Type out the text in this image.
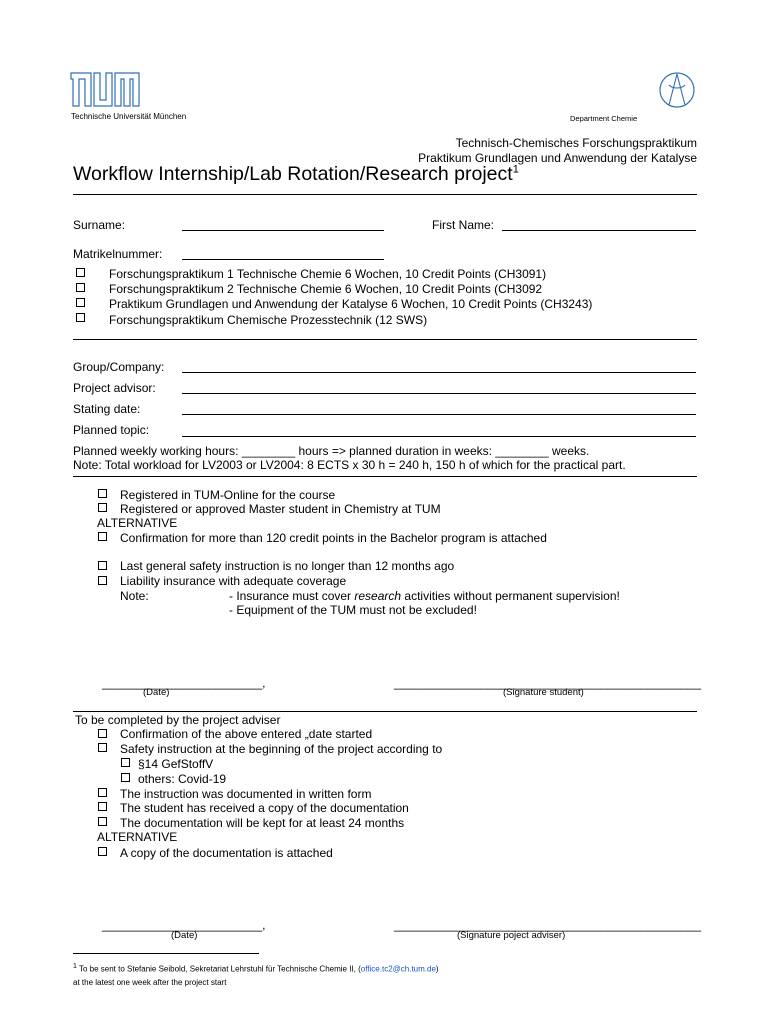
Technische Universität München	Department Chemie
Technisch-Chemisches Forschungspraktikum
Praktikum Grundlagen und Anwendung der Katalyse
Workflow Internship/Lab Rotation/Research project$^1$
Surname:	First Name:
Matrikelnummer:
Forschungspraktikum 1 Technische Chemie 6 Wochen, 10 Credit Points (CH3091)
Forschungspraktikum 2 Technische Chemie 6 Wochen, 10 Credit Points (CH3092
Praktikum Grundlagen und Anwendung der Katalyse 6 Wochen, 10 Credit Points (CH3243)
Forschungspraktikum Chemische Prozesstechnik (12 SWS)
Group/Company:
Project advisor:
Stating date:
Planned topic:
Planned weekly working hours: ________ hours => planned duration in weeks: ________ weeks.
Note: Total workload for LV2003 or LV2004: 8 ECTS x 30 h = 240 h, 150 h of which for the practical part.
Registered in TUM-Online for the course
Registered or approved Master student in Chemistry at TUM
ALTERNATIVE
Confirmation for more than 120 credit points in the Bachelor program is attached
Last general safety instruction is no longer than 12 months ago
Liability insurance with adequate coverage
Note:	- Insurance must cover research activities without permanent supervision!
- Equipment of the TUM must not be excluded!
________________________,
(Date)
______________________________________________
(Signature student)
To be completed by the project adviser
Confirmation of the above entered „date started
Safety instruction at the beginning of the project according to
§14 GefStoffV
others: Covid-19
The instruction was documented in written form
The student has received a copy of the documentation
The documentation will be kept for at least 24 months
ALTERNATIVE
A copy of the documentation is attached
________________________,
(Date)
______________________________________________
(Signature poject adviser)
$^1$ To be sent to Stefanie Seibold, Sekretariat Lehrstuhl für Technische Chemie II, (office.tc2@ch.tum.de)
at the latest one week after the project start
